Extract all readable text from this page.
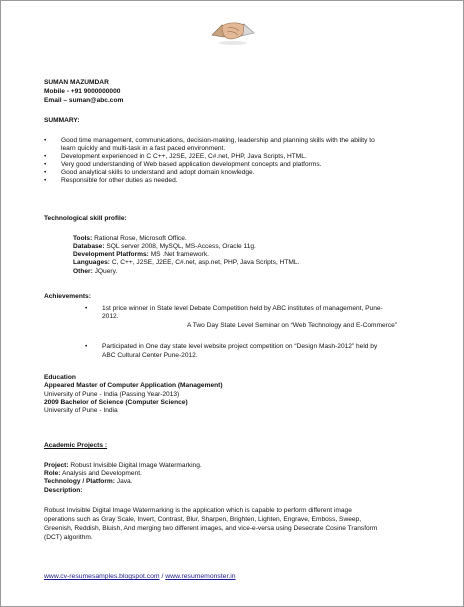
SUMAN MAZUMDAR
Mobile - +91 9000000000
Email – suman@abc.com
SUMMARY:
• Good time management, communications, decision-making, leadership and planning skills with the ability to
learn quickly and multi-task in a fast paced environment.
• Development experienced in C C++, J2SE, J2EE, C#.net, PHP, Java Scripts, HTML.
• Very good understanding of Web based application development concepts and platforms.
• Good analytical skills to understand and adopt domain knowledge.
• Responsible for other duties as needed.
Technological skill profile:
Tools: Rational Rose, Microsoft Office.
Database: SQL server 2008, MySQL, MS-Access, Oracle 11g.
Development Platforms: MS .Net framework.
Languages: C, C++, J2SE, J2EE, C#.net, asp.net, PHP, Java Scripts, HTML.
Other: JQuery.
Achievements:
• 1st price winner in State level Debate Competition held by ABC institutes of management, Pune-
2012.
A Two Day State Level Seminar on “Web Technology and E-Commerce”
• Participated in One day state level website project competition on “Design Mash-2012” held by
ABC Cultural Center Pune-2012.
Education
Appeared Master of Computer Application (Management)
University of Pune - India (Passing Year-2013)
2009 Bachelor of Science (Computer Science)
University of Pune - India
Academic Projects :
Project: Robust Invisible Digital Image Watermarking.
Role: Analysis and Development.
Technology / Platform: Java.
Description:
Robust Invisible Digital Image Watermarking is the application which is capable to perform different image
operations such as Gray Scale, Invert, Contrast, Blur, Sharpen, Brighten, Lighten, Engrave, Emboss, Sweep,
Greenish, Reddish, Bluish, And merging two different images, and vice-e-versa using Desecrate Cosine Transform
(DCT) algorithm.
www.cv-resumesamples.blogspot.com / www.resumemonster.in
